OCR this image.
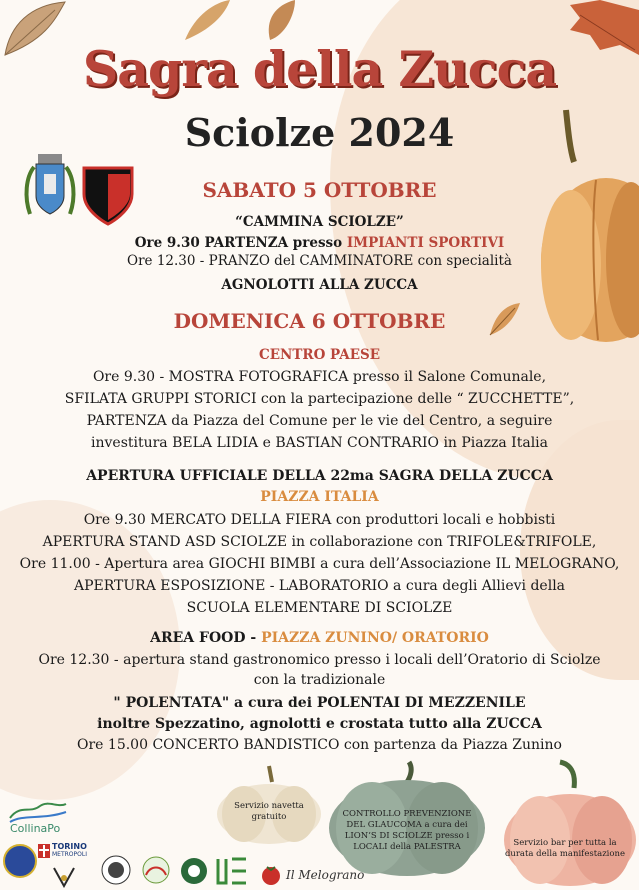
Sagra della Zucca
Sciolze 2024
SABATO 5 OTTOBRE
“CAMMINA SCIOLZE”
Ore 9.30 PARTENZA presso IMPIANTI SPORTIVI
Ore 12.30 - PRANZO del CAMMINATORE con specialità
AGNOLOTTI ALLA ZUCCA
DOMENICA 6 OTTOBRE
CENTRO PAESE
Ore 9.30 - MOSTRA FOTOGRAFICA presso il Salone Comunale,
SFILATA GRUPPI STORICI con la partecipazione delle “ ZUCCHETTE”,
PARTENZA da Piazza del Comune per le vie del Centro, a seguire
investitura BELA LIDIA e BASTIAN CONTRARIO in Piazza Italia
APERTURA UFFICIALE DELLA 22ma SAGRA DELLA ZUCCA
PIAZZA ITALIA
Ore 9.30 MERCATO DELLA FIERA con produttori locali e hobbisti
APERTURA STAND ASD SCIOLZE in collaborazione con TRIFOLE&TRIFOLE,
Ore 11.00 - Apertura area GIOCHI BIMBI a cura dell’Associazione IL MELOGRANO,
APERTURA ESPOSIZIONE - LABORATORIO a cura degli Allievi della
SCUOLA ELEMENTARE DI SCIOLZE
AREA FOOD - PIAZZA ZUNINO/ ORATORIO
Ore 12.30 - apertura stand gastronomico presso i locali dell’Oratorio di Sciolze
con la tradizionale
" POLENTATA" a cura dei POLENTAI DI MEZZENILE
inoltre Spezzatino, agnolotti e crostata tutto alla ZUCCA
Ore 15.00 CONCERTO BANDISTICO con partenza da Piazza Zunino
Servizio navetta gratuito	CONTROLLO PREVENZIONE DEL GLAUCOMA a cura dei LION’S DI SCIOLZE presso i LOCALI della PALESTRA	Servizio bar per tutta la durata della manifestazione
CollinaPo
TORINO
METROPOLI
Il Melograno
